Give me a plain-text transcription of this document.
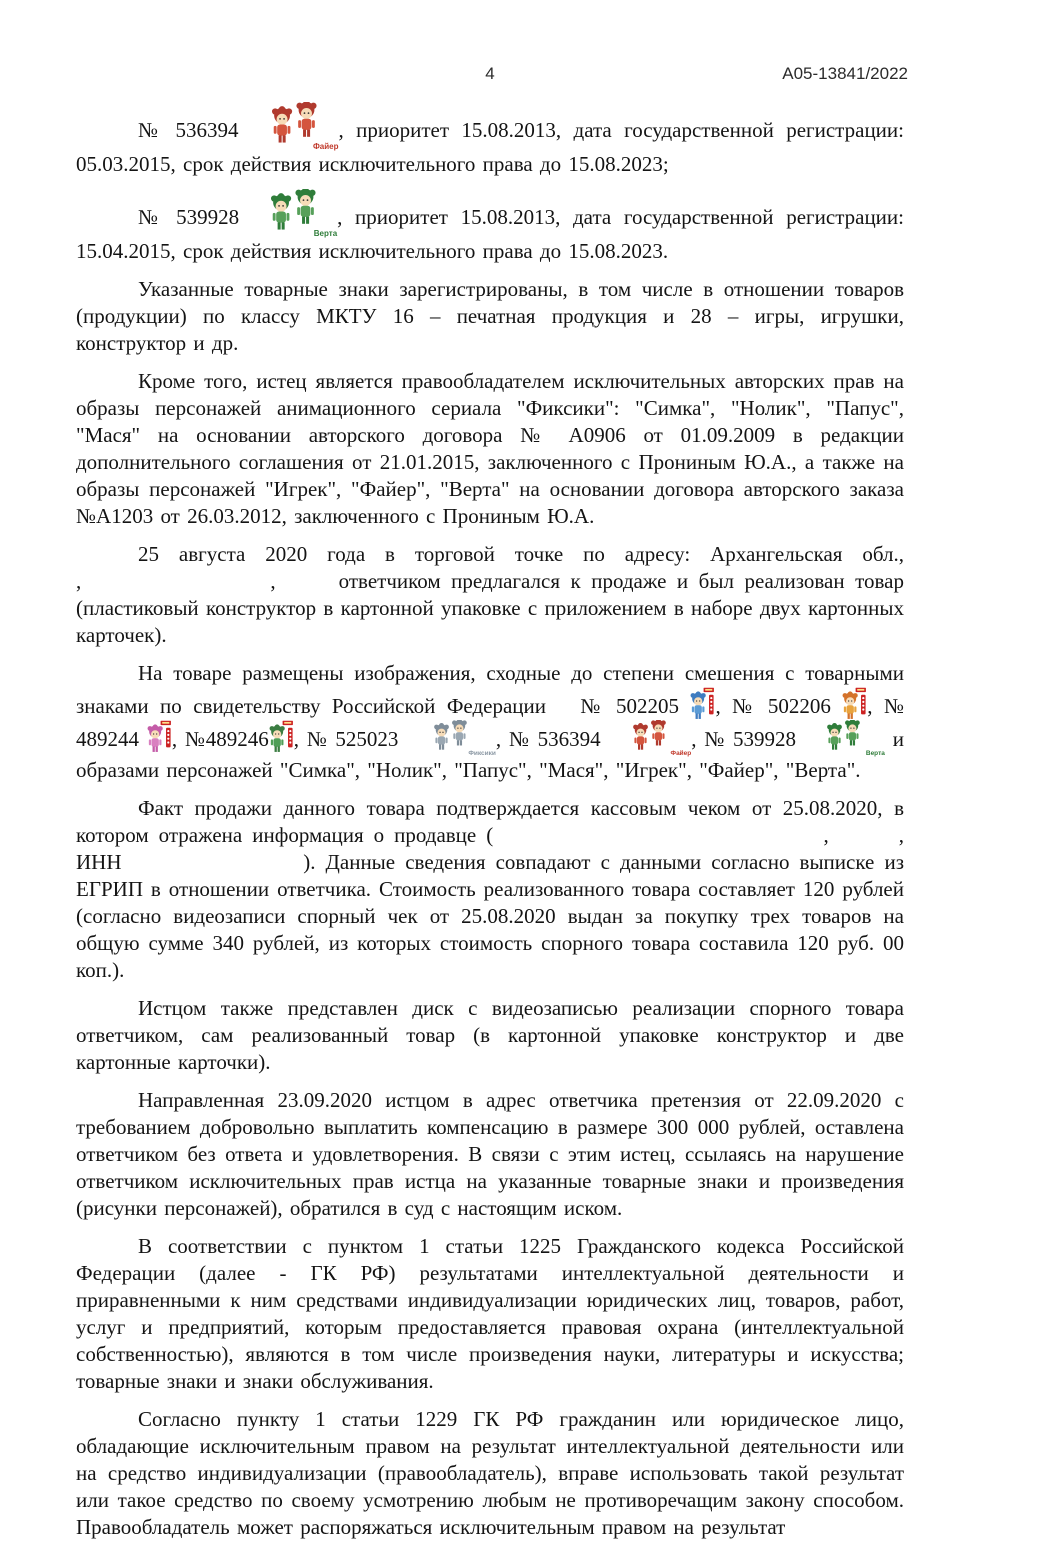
4	А05-13841/2022

№ 536394
Файер
, приоритет 15.08.2013, дата государственной регистрации: 05.03.2015, срок действия исключительного права до 15.08.2023;

№ 539928
Верта
, приоритет 15.08.2013, дата государственной регистрации: 15.04.2015, срок действия исключительного права до 15.08.2023.

Указанные товарные знаки зарегистрированы, в том числе в отношении товаров (продукции) по классу МКТУ 16 – печатная продукция и 28 – игры, игрушки, конструктор и др.

Кроме того, истец является правообладателем исключительных авторских прав на образы персонажей анимационного сериала "Фиксики": "Симка", "Нолик", "Папус", "Мася" на основании авторского договора № А0906 от 01.09.2009 в редакции дополнительного соглашения от 21.01.2015, заключенного с Прониным Ю.А., а также на образы персонажей "Игрек", "Файер", "Верта" на основании договора авторского заказа №А1203 от 26.03.2012, заключенного с Прониным Ю.А.

25 августа 2020 года в торговой точке по адресу: Архангельская обл., ,                  ,      ответчиком предлагался к продаже и был реализован товар (пластиковый конструктор в картонной упаковке с приложением в наборе двух картонных карточек).

На товаре размещены изображения, сходные до степени смешения с товарными знаками по свидетельству Российской Федерации   № 502205 , № 502206 , № 489244 , №489246 , № 525023
Фиксики
, № 536394
Файер
, № 539928
Верта
и образами персонажей "Симка", "Нолик", "Папус", "Мася", "Игрек", "Файер", "Верта".

Факт продажи данного товара подтверждается кассовым чеком от 25.08.2020, в котором отражена информация о продавце (                                 ,       , ИНН                  ). Данные сведения совпадают с данными согласно выписке из ЕГРИП в отношении ответчика. Стоимость реализованного товара составляет 120 рублей (согласно видеозаписи спорный чек от 25.08.2020 выдан за покупку трех товаров на общую сумме 340 рублей, из которых стоимость спорного товара составила 120 руб. 00 коп.).

Истцом также представлен диск с видеозаписью реализации спорного товара ответчиком, сам реализованный товар (в картонной упаковке конструктор и две картонные карточки).

Направленная 23.09.2020 истцом в адрес ответчика претензия от 22.09.2020 с требованием добровольно выплатить компенсацию в размере 300 000 рублей, оставлена ответчиком без ответа и удовлетворения. В связи с этим истец, ссылаясь на нарушение ответчиком исключительных прав истца на указанные товарные знаки и произведения (рисунки персонажей), обратился в суд с настоящим иском.

В соответствии с пунктом 1 статьи 1225 Гражданского кодекса Российской Федерации (далее - ГК РФ) результатами интеллектуальной деятельности и приравненными к ним средствами индивидуализации юридических лиц, товаров, работ, услуг и предприятий, которым предоставляется правовая охрана (интеллектуальной собственностью), являются в том числе произведения науки, литературы и искусства; товарные знаки и знаки обслуживания.

Согласно пункту 1 статьи 1229 ГК РФ гражданин или юридическое лицо, обладающие исключительным правом на результат интеллектуальной деятельности или на средство индивидуализации (правообладатель), вправе использовать такой результат или такое средство по своему усмотрению любым не противоречащим закону способом. Правообладатель может распоряжаться исключительным правом на результат
